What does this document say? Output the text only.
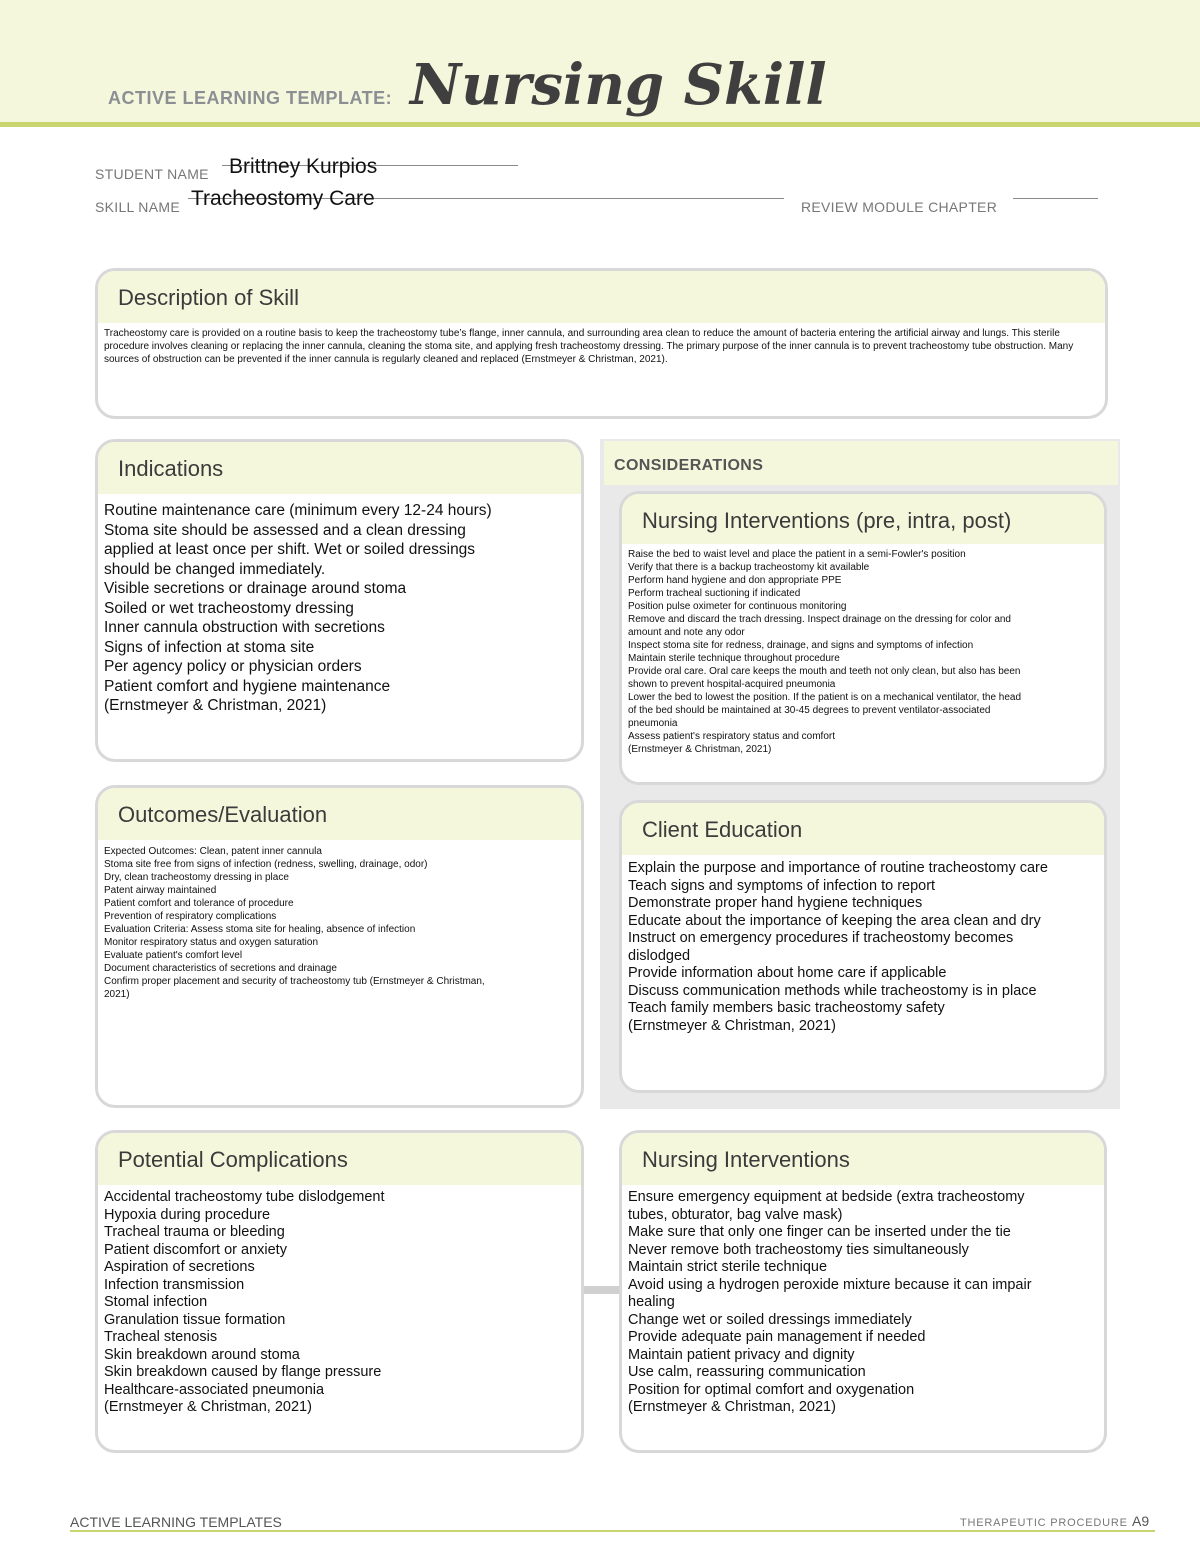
ACTIVE LEARNING TEMPLATE: Nursing Skill
STUDENT NAME Brittney Kurpios
SKILL NAME Tracheostomy Care	REVIEW MODULE CHAPTER
Description of Skill
Tracheostomy care is provided on a routine basis to keep the tracheostomy tube’s flange, inner cannula, and surrounding area clean to reduce the amount of bacteria entering the artificial airway and lungs. This sterile procedure involves cleaning or replacing the inner cannula, cleaning the stoma site, and applying fresh tracheostomy dressing. The primary purpose of the inner cannula is to prevent tracheostomy tube obstruction. Many sources of obstruction can be prevented if the inner cannula is regularly cleaned and replaced (Ernstmeyer & Christman, 2021).
Indications
Routine maintenance care (minimum every 12-24 hours)
Stoma site should be assessed and a clean dressing
applied at least once per shift. Wet or soiled dressings
should be changed immediately.
Visible secretions or drainage around stoma
Soiled or wet tracheostomy dressing
Inner cannula obstruction with secretions
Signs of infection at stoma site
Per agency policy or physician orders
Patient comfort and hygiene maintenance
(Ernstmeyer & Christman, 2021)
Outcomes/Evaluation
Expected Outcomes: Clean, patent inner cannula
Stoma site free from signs of infection (redness, swelling, drainage, odor)
Dry, clean tracheostomy dressing in place
Patent airway maintained
Patient comfort and tolerance of procedure
Prevention of respiratory complications
Evaluation Criteria: Assess stoma site for healing, absence of infection
Monitor respiratory status and oxygen saturation
Evaluate patient's comfort level
Document characteristics of secretions and drainage
Confirm proper placement and security of tracheostomy tub (Ernstmeyer & Christman,
2021)
CONSIDERATIONS
Nursing Interventions (pre, intra, post)
Raise the bed to waist level and place the patient in a semi-Fowler's position
Verify that there is a backup tracheostomy kit available
Perform hand hygiene and don appropriate PPE
Perform tracheal suctioning if indicated
Position pulse oximeter for continuous monitoring
Remove and discard the trach dressing. Inspect drainage on the dressing for color and
amount and note any odor
Inspect stoma site for redness, drainage, and signs and symptoms of infection
Maintain sterile technique throughout procedure
Provide oral care. Oral care keeps the mouth and teeth not only clean, but also has been
shown to prevent hospital-acquired pneumonia
Lower the bed to lowest the position. If the patient is on a mechanical ventilator, the head
of the bed should be maintained at 30-45 degrees to prevent ventilator-associated
pneumonia
Assess patient's respiratory status and comfort
(Ernstmeyer & Christman, 2021)
Client Education
Explain the purpose and importance of routine tracheostomy care
Teach signs and symptoms of infection to report
Demonstrate proper hand hygiene techniques
Educate about the importance of keeping the area clean and dry
Instruct on emergency procedures if tracheostomy becomes
dislodged
Provide information about home care if applicable
Discuss communication methods while tracheostomy is in place
Teach family members basic tracheostomy safety
(Ernstmeyer & Christman, 2021)
Potential Complications
Accidental tracheostomy tube dislodgement
Hypoxia during procedure
Tracheal trauma or bleeding
Patient discomfort or anxiety
Aspiration of secretions
Infection transmission
Stomal infection
Granulation tissue formation
Tracheal stenosis
Skin breakdown around stoma
Skin breakdown caused by flange pressure
Healthcare-associated pneumonia
(Ernstmeyer & Christman, 2021)
Nursing Interventions
Ensure emergency equipment at bedside (extra tracheostomy
tubes, obturator, bag valve mask)
Make sure that only one finger can be inserted under the tie
Never remove both tracheostomy ties simultaneously
Maintain strict sterile technique
Avoid using a hydrogen peroxide mixture because it can impair
healing
Change wet or soiled dressings immediately
Provide adequate pain management if needed
Maintain patient privacy and dignity
Use calm, reassuring communication
Position for optimal comfort and oxygenation
(Ernstmeyer & Christman, 2021)
ACTIVE LEARNING TEMPLATES	THERAPEUTIC PROCEDURE A9
